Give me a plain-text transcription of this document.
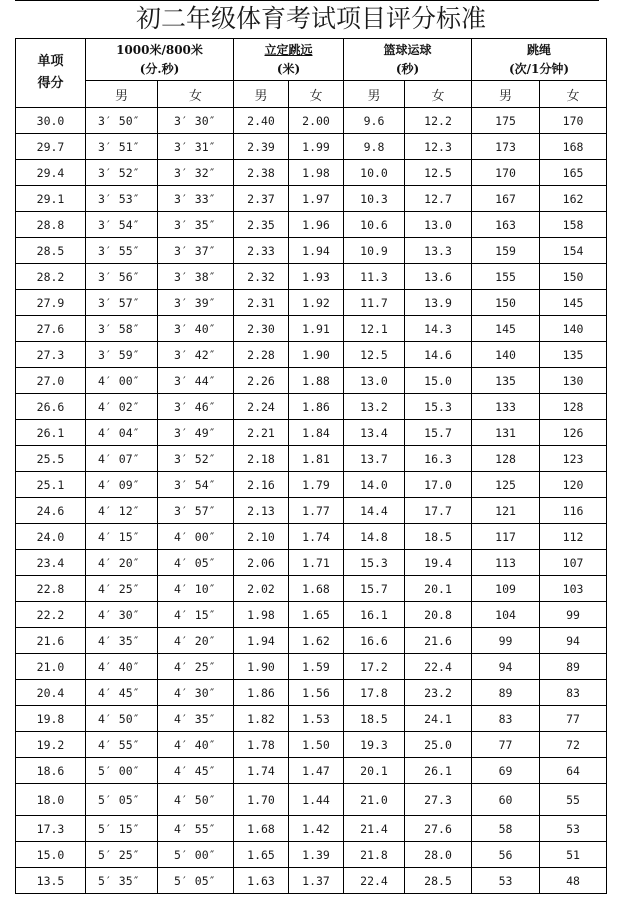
初二年级体育考试项目评分标准
单项
得分

1000米/800米
(分.秒)

立定跳远
(米)

篮球运球
(秒)

跳绳
(次/1分钟)

	男	女	男	女	男	女	男	女
30.0	3′ 50″	3′ 30″	2.40	2.00	9.6	12.2	175	170
29.7	3′ 51″	3′ 31″	2.39	1.99	9.8	12.3	173	168
29.4	3′ 52″	3′ 32″	2.38	1.98	10.0	12.5	170	165
29.1	3′ 53″	3′ 33″	2.37	1.97	10.3	12.7	167	162
28.8	3′ 54″	3′ 35″	2.35	1.96	10.6	13.0	163	158
28.5	3′ 55″	3′ 37″	2.33	1.94	10.9	13.3	159	154
28.2	3′ 56″	3′ 38″	2.32	1.93	11.3	13.6	155	150
27.9	3′ 57″	3′ 39″	2.31	1.92	11.7	13.9	150	145
27.6	3′ 58″	3′ 40″	2.30	1.91	12.1	14.3	145	140
27.3	3′ 59″	3′ 42″	2.28	1.90	12.5	14.6	140	135
27.0	4′ 00″	3′ 44″	2.26	1.88	13.0	15.0	135	130
26.6	4′ 02″	3′ 46″	2.24	1.86	13.2	15.3	133	128
26.1	4′ 04″	3′ 49″	2.21	1.84	13.4	15.7	131	126
25.5	4′ 07″	3′ 52″	2.18	1.81	13.7	16.3	128	123
25.1	4′ 09″	3′ 54″	2.16	1.79	14.0	17.0	125	120
24.6	4′ 12″	3′ 57″	2.13	1.77	14.4	17.7	121	116
24.0	4′ 15″	4′ 00″	2.10	1.74	14.8	18.5	117	112
23.4	4′ 20″	4′ 05″	2.06	1.71	15.3	19.4	113	107
22.8	4′ 25″	4′ 10″	2.02	1.68	15.7	20.1	109	103
22.2	4′ 30″	4′ 15″	1.98	1.65	16.1	20.8	104	99
21.6	4′ 35″	4′ 20″	1.94	1.62	16.6	21.6	99	94
21.0	4′ 40″	4′ 25″	1.90	1.59	17.2	22.4	94	89
20.4	4′ 45″	4′ 30″	1.86	1.56	17.8	23.2	89	83
19.8	4′ 50″	4′ 35″	1.82	1.53	18.5	24.1	83	77
19.2	4′ 55″	4′ 40″	1.78	1.50	19.3	25.0	77	72
18.6	5′ 00″	4′ 45″	1.74	1.47	20.1	26.1	69	64
18.0	5′ 05″	4′ 50″	1.70	1.44	21.0	27.3	60	55
17.3	5′ 15″	4′ 55″	1.68	1.42	21.4	27.6	58	53
15.0	5′ 25″	5′ 00″	1.65	1.39	21.8	28.0	56	51
13.5	5′ 35″	5′ 05″	1.63	1.37	22.4	28.5	53	48
